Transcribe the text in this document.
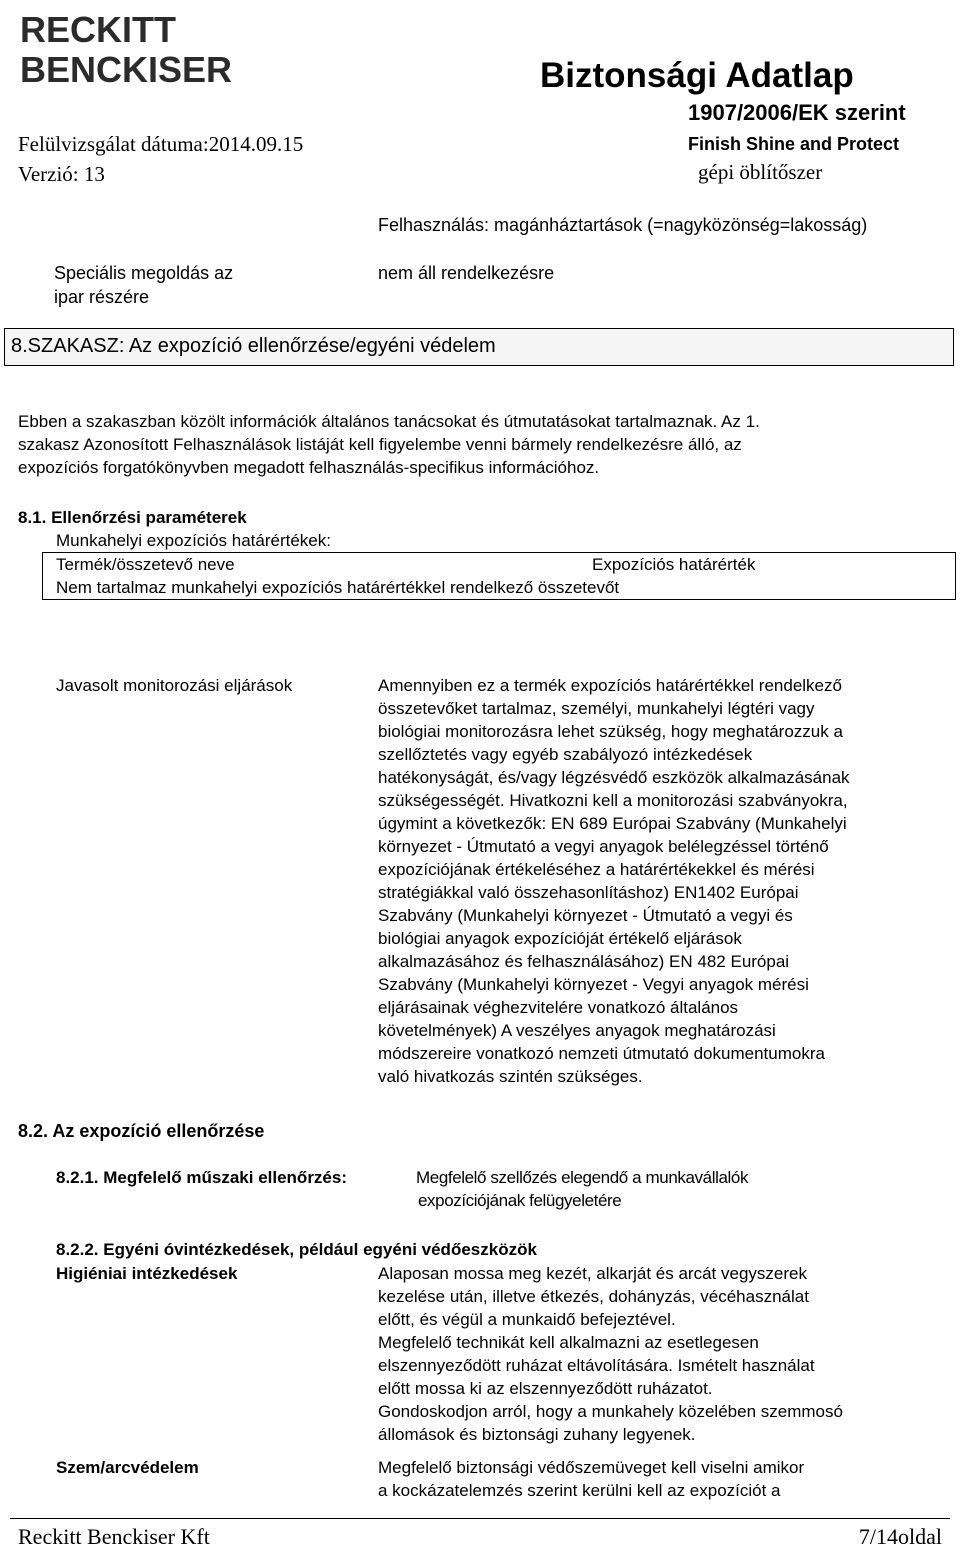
RECKITT
BENCKISER
Felülvizsgálat dátuma:2014.09.15
Verzió: 13
Biztonsági Adatlap
1907/2006/EK szerint
Finish Shine and Protect
gépi öblítőszer
Felhasználás: magánháztartások (=nagyközönség=lakosság)
Speciális megoldás az
ipar részére
nem áll rendelkezésre
8.SZAKASZ: Az expozíció ellenőrzése/egyéni védelem
Ebben a szakaszban közölt információk általános tanácsokat és útmutatásokat tartalmaznak. Az 1.
szakasz Azonosított Felhasználások listáját kell figyelembe venni bármely rendelkezésre álló, az
expozíciós forgatókönyvben megadott felhasználás-specifikus információhoz.
8.1. Ellenőrzési paraméterek
Munkahelyi expozíciós határértékek:
Termék/összetevő neve	Expozíciós határérték
Nem tartalmaz munkahelyi expozíciós határértékkel rendelkező összetevőt
Javasolt monitorozási eljárások	Amennyiben ez a termék expozíciós határértékkel rendelkező
összetevőket tartalmaz, személyi, munkahelyi légtéri vagy
biológiai monitorozásra lehet szükség, hogy meghatározzuk a
szellőztetés vagy egyéb szabályozó intézkedések
hatékonyságát, és/vagy légzésvédő eszközök alkalmazásának
szükségességét. Hivatkozni kell a monitorozási szabványokra,
úgymint a következők: EN 689 Európai Szabvány (Munkahelyi
környezet - Útmutató a vegyi anyagok belélegzéssel történő
expozíciójának értékeléséhez a határértékekkel és mérési
stratégiákkal való összehasonlításhoz) EN1402 Európai
Szabvány (Munkahelyi környezet - Útmutató a vegyi és
biológiai anyagok expozícióját értékelő eljárások
alkalmazásához és felhasználásához) EN 482 Európai
Szabvány (Munkahelyi környezet - Vegyi anyagok mérési
eljárásainak véghezvitelére vonatkozó általános
követelmények) A veszélyes anyagok meghatározási
módszereire vonatkozó nemzeti útmutató dokumentumokra
való hivatkozás szintén szükséges.
8.2. Az expozíció ellenőrzése
8.2.1. Megfelelő műszaki ellenőrzés:	Megfelelő szellőzés elegendő a munkavállalók
expozíciójának felügyeletére
8.2.2. Egyéni óvintézkedések, például egyéni védőeszközök
Higiéniai intézkedések	Alaposan mossa meg kezét, alkarját és arcát vegyszerek
kezelése után, illetve étkezés, dohányzás, vécéhasználat
előtt, és végül a munkaidő befejeztével.
Megfelelő technikát kell alkalmazni az esetlegesen
elszennyeződött ruházat eltávolítására. Ismételt használat
előtt mossa ki az elszennyeződött ruházatot.
Gondoskodjon arról, hogy a munkahely közelében szemmosó
állomások és biztonsági zuhany legyenek.
Szem/arcvédelem	Megfelelő biztonsági védőszemüveget kell viselni amikor
a kockázatelemzés szerint kerülni kell az expozíciót a
Reckitt Benckiser Kft	7/14oldal
